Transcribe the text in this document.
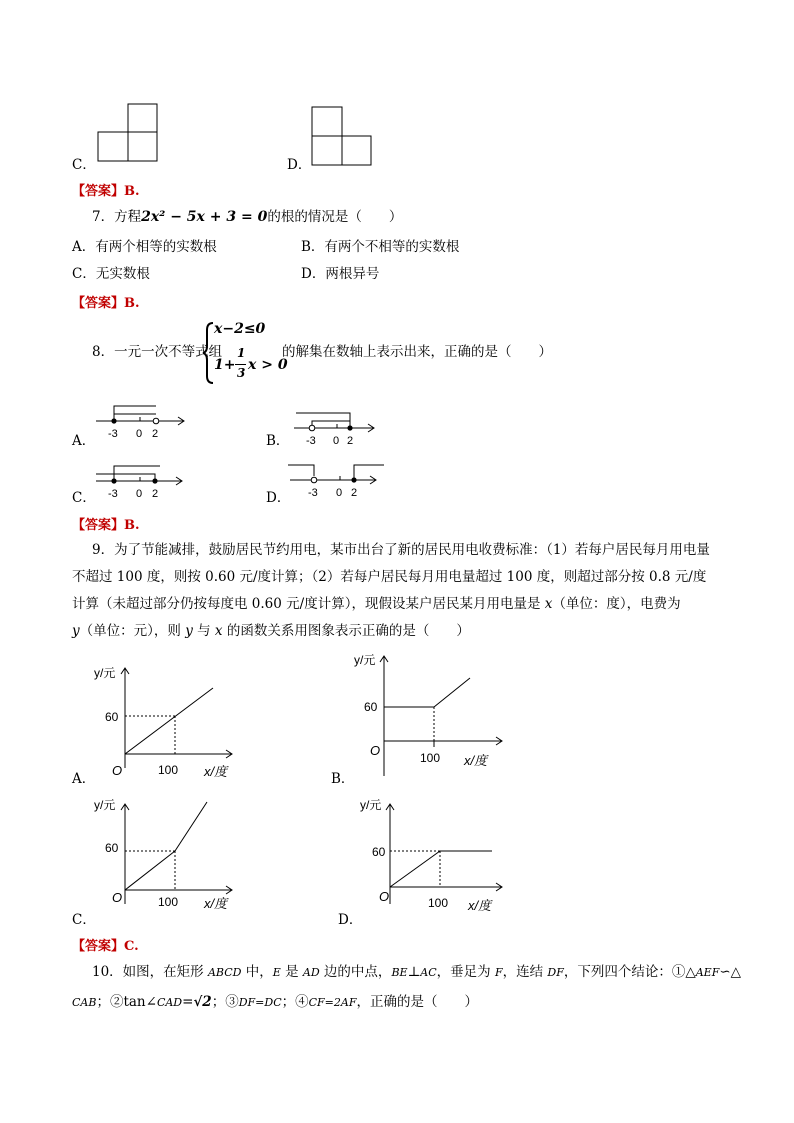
C．	D．
【答案】B.
7．方程2x² − 5x + 3 = 0的根的情况是（　　）
A．有两个相等的实数根	B．有两个不相等的实数根
C．无实数根	D．两根异号
【答案】B.
8．一元一次不等式组
x−2≤0
1+
1
3 x > 0
的解集在数轴上表示出来，正确的是（　　）
-3 0 2
A．	-3 0 2
B．
-3 0 2
C．	-3 0 2
D．
【答案】B.
9．为了节能减排，鼓励居民节约用电，某市出台了新的居民用电收费标准：（1）若每户居民每月用电量
不超过 100 度，则按 0.60 元/度计算；（2）若每户居民每月用电量超过 100 度，则超过部分按 0.8 元/度
计算（未超过部分仍按每度电 0.60 元/度计算），现假设某户居民某月用电量是 x（单位：度），电费为
y（单位：元），则 y 与 x 的函数关系用图象表示正确的是（　　）
y/元
60
O	100 x/度
A．
y/元
60
O	100 x/度
B．
y/元
60
O	100 x/度
C．
y/元
60
O	100 x/度
D．
【答案】C.
10．如图，在矩形 ABCD 中，E 是 AD 边的中点，BE⊥AC，垂足为 F，连结 DF，下列四个结论：①△AEF∽△
CAB；②tan∠CAD=√2；③DF=DC；④CF=2AF，正确的是（　　）
